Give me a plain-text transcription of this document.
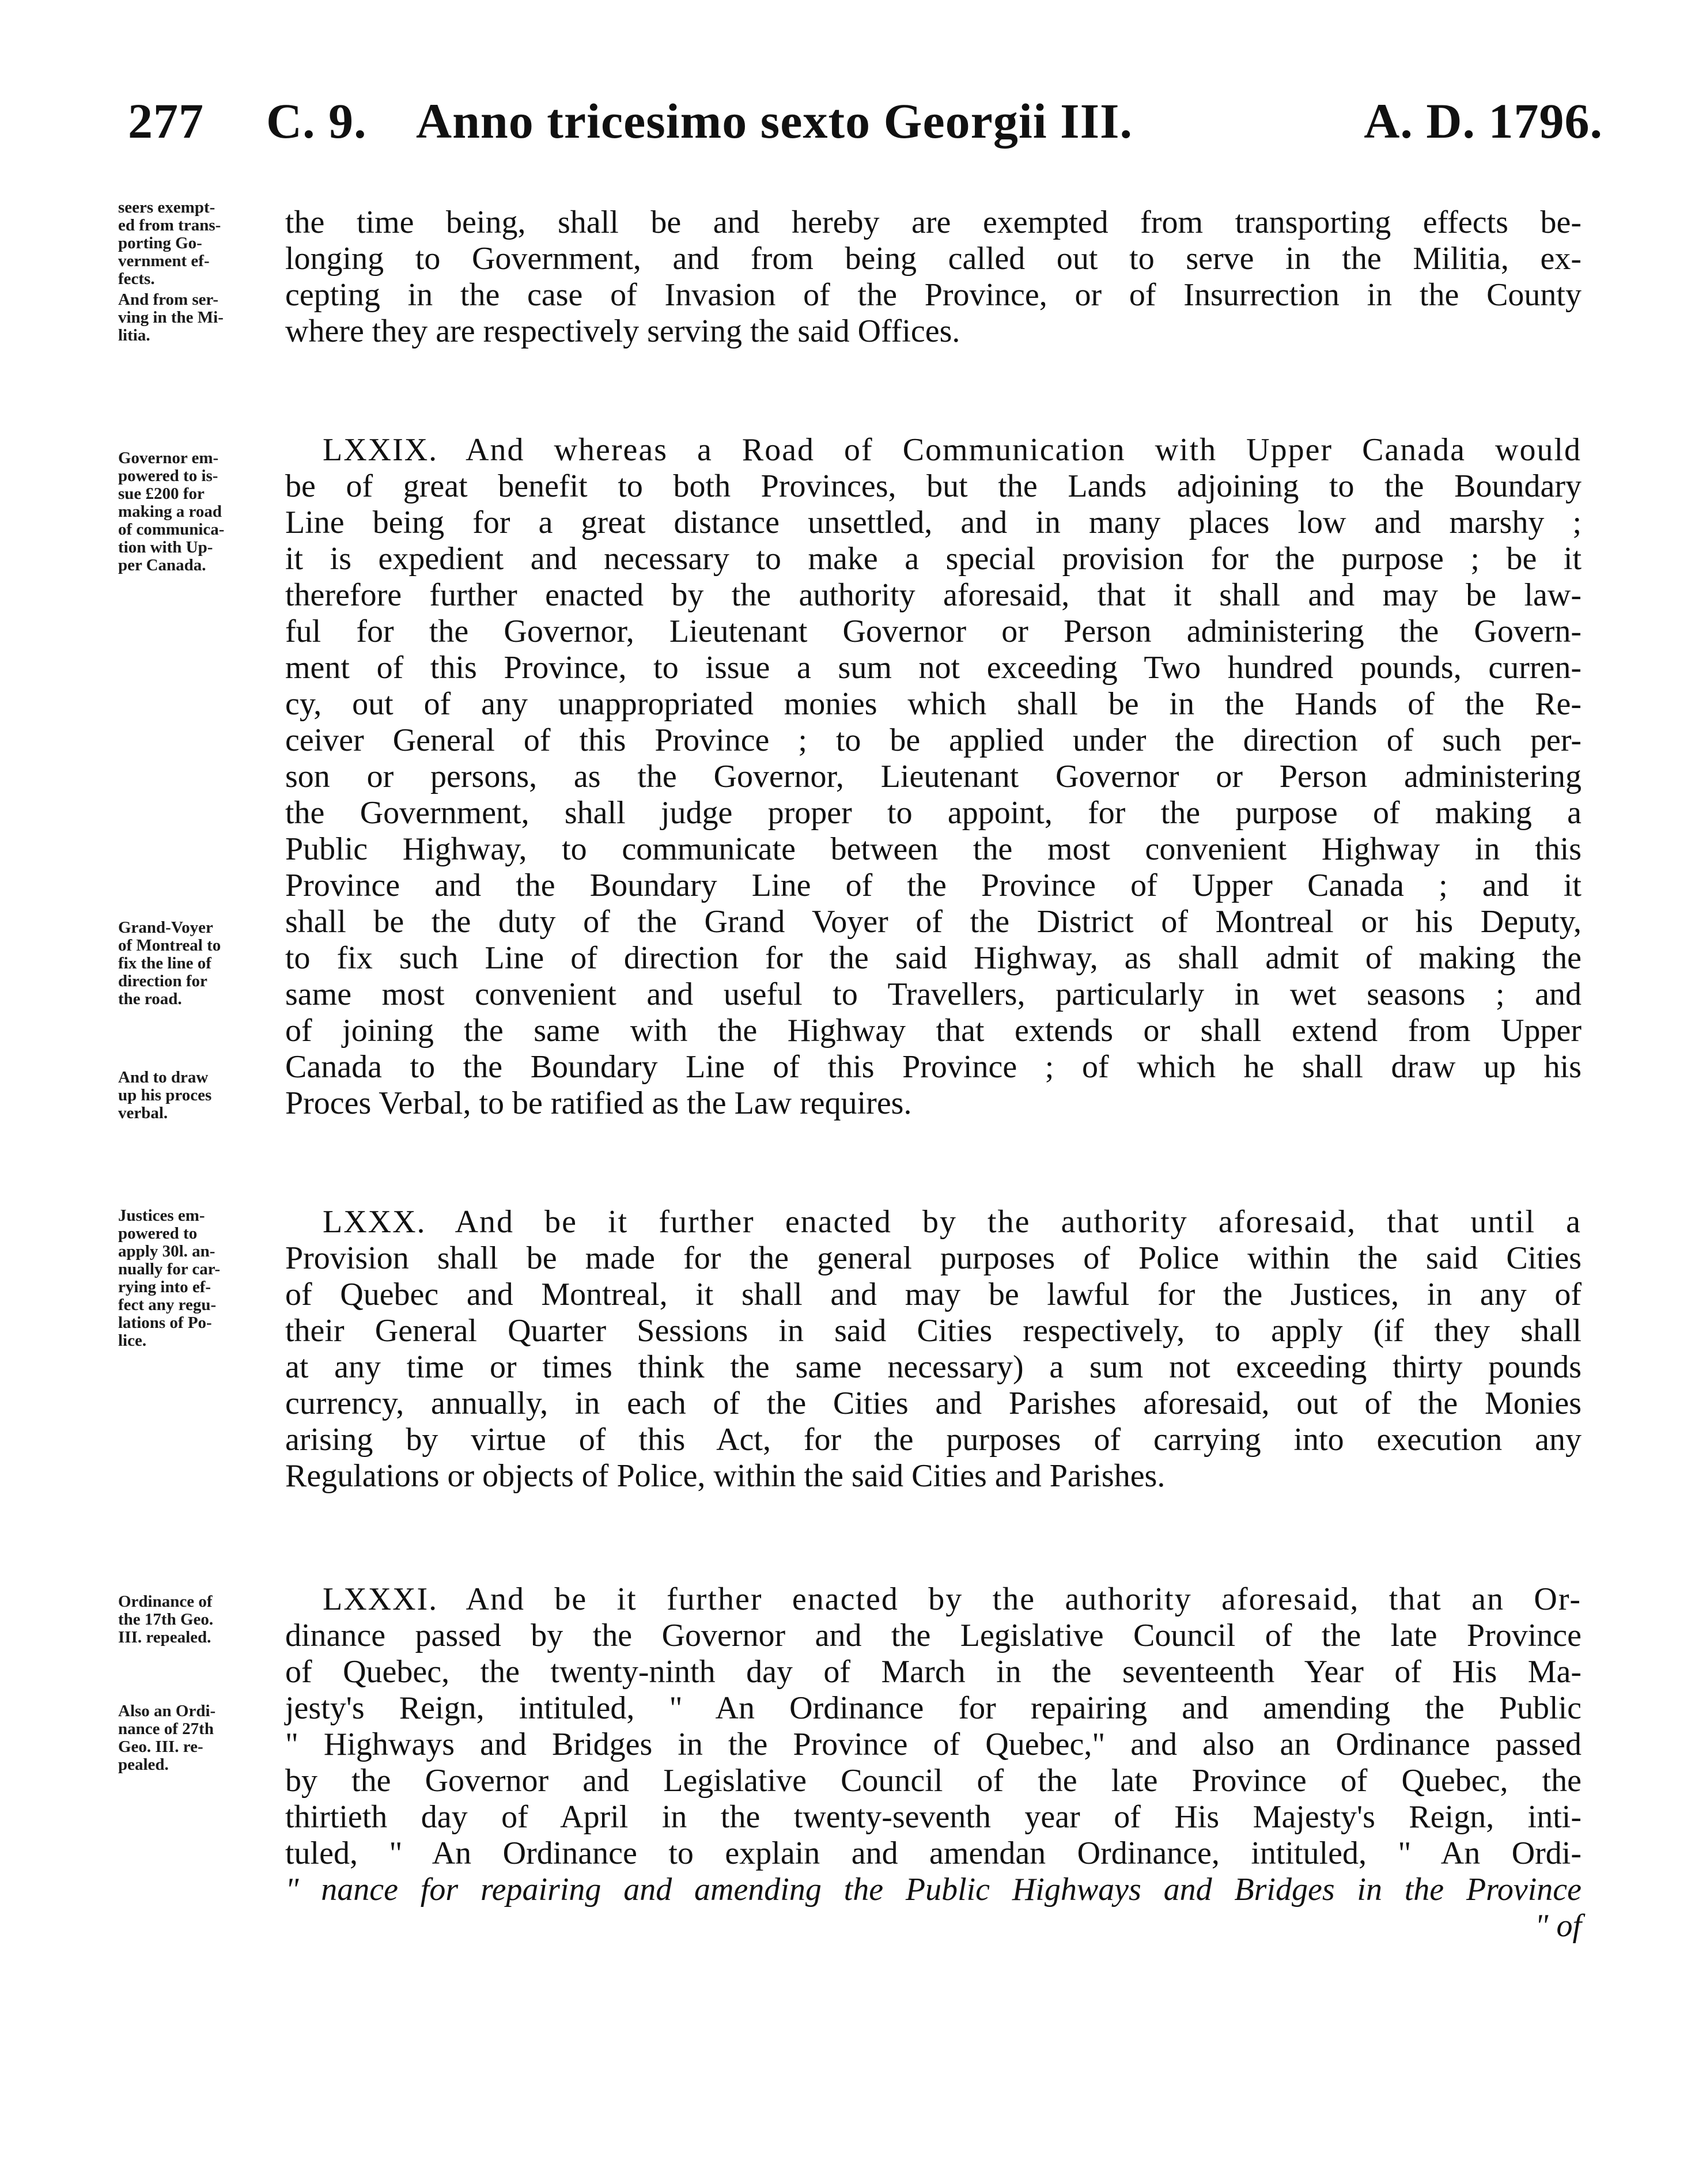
277	C. 9. Anno tricesimo sexto Georgii III.	A. D. 1796.
seers exempt-
ed from trans-
porting Go-
vernment ef-
fects.
And from ser-
ving in the Mi-
litia.
Governor em-
powered to is-
sue £200 for
making a road
of communica-
tion with Up-
per Canada.
Grand-Voyer
of Montreal to
fix the line of
direction for
the road.
And to draw
up his proces
verbal.
Justices em-
powered to
apply 30l. an-
nually for car-
rying into ef-
fect any regu-
lations of Po-
lice.
Ordinance of
the 17th Geo.
III. repealed.
Also an Ordi-
nance of 27th
Geo. III. re-
pealed.
the time being, shall be and hereby are exempted from transporting effects be-
longing to Government, and from being called out to serve in the Militia, ex-
cepting in the case of Invasion of the Province, or of Insurrection in the County
where they are respectively serving the said Offices.
LXXIX. And whereas a Road of Communication with Upper Canada would
be of great benefit to both Provinces, but the Lands adjoining to the Boundary
Line being for a great distance unsettled, and in many places low and marshy ;
it is expedient and necessary to make a special provision for the purpose ; be it
therefore further enacted by the authority aforesaid, that it shall and may be law-
ful for the Governor, Lieutenant Governor or Person administering the Govern-
ment of this Province, to issue a sum not exceeding Two hundred pounds, curren-
cy, out of any unappropriated monies which shall be in the Hands of the Re-
ceiver General of this Province ; to be applied under the direction of such per-
son or persons, as the Governor, Lieutenant Governor or Person administering
the Government, shall judge proper to appoint, for the purpose of making a
Public Highway, to communicate between the most convenient Highway in this
Province and the Boundary Line of the Province of Upper Canada ; and it
shall be the duty of the Grand Voyer of the District of Montreal or his Deputy,
to fix such Line of direction for the said Highway, as shall admit of making the
same most convenient and useful to Travellers, particularly in wet seasons ; and
of joining the same with the Highway that extends or shall extend from Upper
Canada to the Boundary Line of this Province ; of which he shall draw up his
Proces Verbal, to be ratified as the Law requires.
LXXX. And be it further enacted by the authority aforesaid, that until a
Provision shall be made for the general purposes of Police within the said Cities
of Quebec and Montreal, it shall and may be lawful for the Justices, in any of
their General Quarter Sessions in said Cities respectively, to apply (if they shall
at any time or times think the same necessary) a sum not exceeding thirty pounds
currency, annually, in each of the Cities and Parishes aforesaid, out of the Monies
arising by virtue of this Act, for the purposes of carrying into execution any
Regulations or objects of Police, within the said Cities and Parishes.
LXXXI. And be it further enacted by the authority aforesaid, that an Or-
dinance passed by the Governor and the Legislative Council of the late Province
of Quebec, the twenty-ninth day of March in the seventeenth Year of His Ma-
jesty's Reign, intituled, " An Ordinance for repairing and amending the Public
" Highways and Bridges in the Province of Quebec," and also an Ordinance passed
by the Governor and Legislative Council of the late Province of Quebec, the
thirtieth day of April in the twenty-seventh year of His Majesty's Reign, inti-
tuled, " An Ordinance to explain and amendan Ordinance, intituled, " An Ordi-
" nance for repairing and amending the Public Highways and Bridges in the Province
" of
